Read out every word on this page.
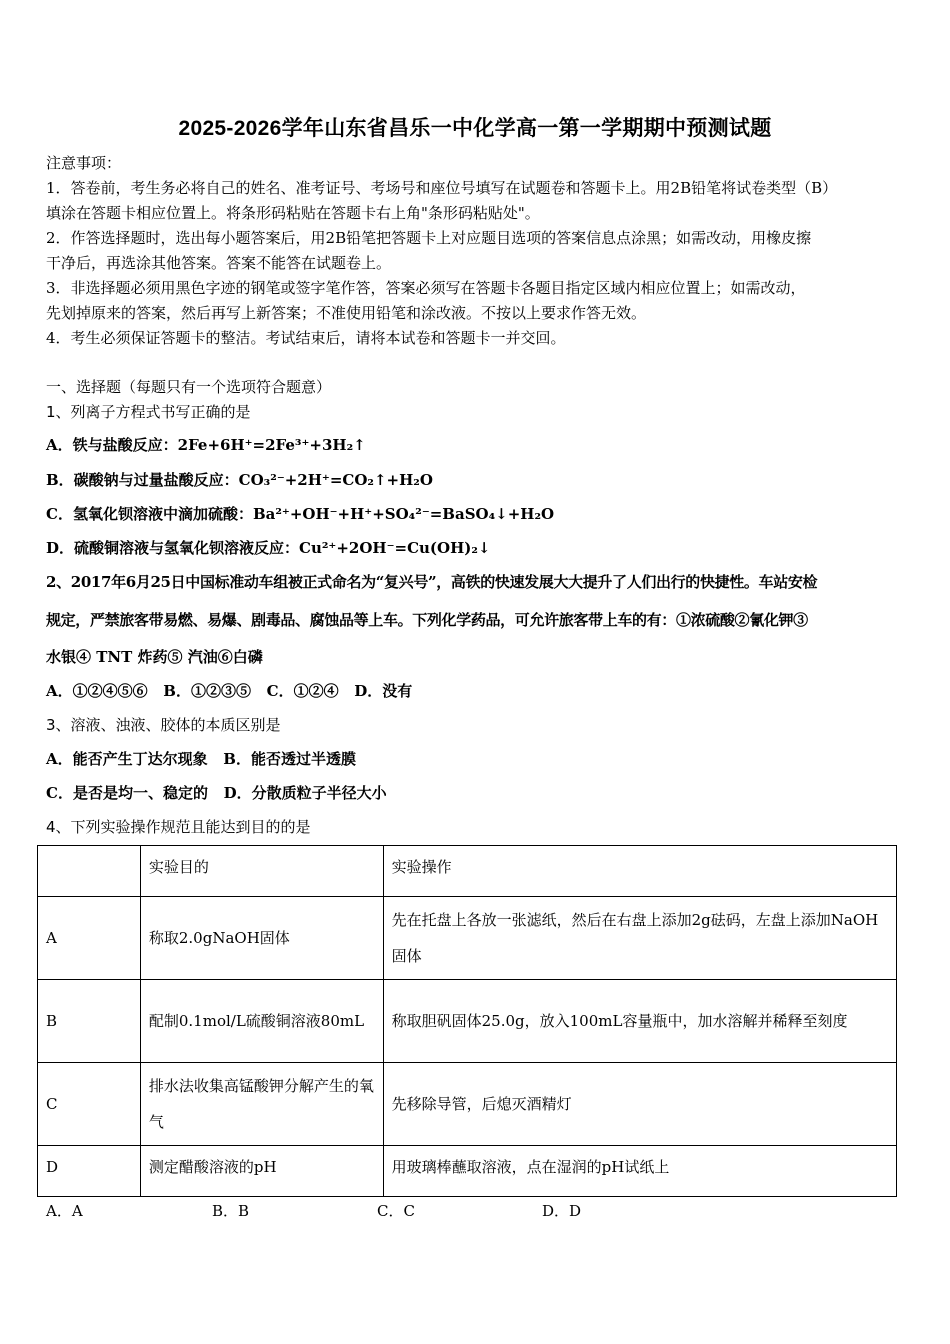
2025-2026学年山东省昌乐一中化学高一第一学期期中预测试题
注意事项：
1．答卷前，考生务必将自己的姓名、准考证号、考场号和座位号填写在试题卷和答题卡上。用2B铅笔将试卷类型（B）
填涂在答题卡相应位置上。将条形码粘贴在答题卡右上角"条形码粘贴处"。
2．作答选择题时，选出每小题答案后，用2B铅笔把答题卡上对应题目选项的答案信息点涂黑；如需改动，用橡皮擦
干净后，再选涂其他答案。答案不能答在试题卷上。
3．非选择题必须用黑色字迹的钢笔或签字笔作答，答案必须写在答题卡各题目指定区域内相应位置上；如需改动，
先划掉原来的答案，然后再写上新答案；不准使用铅笔和涂改液。不按以上要求作答无效。
4．考生必须保证答题卡的整洁。考试结束后，请将本试卷和答题卡一并交回。
一、选择题（每题只有一个选项符合题意）
1、列离子方程式书写正确的是
A．铁与盐酸反应：2Fe+6H⁺=2Fe³⁺+3H₂↑
B．碳酸钠与过量盐酸反应：CO₃²⁻+2H⁺=CO₂↑+H₂O
C．氢氧化钡溶液中滴加硫酸：Ba²⁺+OH⁻+H⁺+SO₄²⁻=BaSO₄↓+H₂O
D．硫酸铜溶液与氢氧化钡溶液反应：Cu²⁺+2OH⁻=Cu(OH)₂↓
2、2017年6月25日中国标准动车组被正式命名为“复兴号”，高铁的快速发展大大提升了人们出行的快捷性。车站安检
规定，严禁旅客带易燃、易爆、剧毒品、腐蚀品等上车。下列化学药品，可允许旅客带上车的有：①浓硫酸②氰化钾③
水银④ TNT 炸药⑤ 汽油⑥白磷
A．①②④⑤⑥   B．①②③⑤   C．①②④   D．没有
3、溶液、浊液、胶体的本质区别是
A．能否产生丁达尔现象   B．能否透过半透膜
C．是否是均一、稳定的   D．分散质粒子半径大小
4、下列实验操作规范且能达到目的的是
	实验目的	实验操作
A	称取2.0gNaOH固体	先在托盘上各放一张滤纸，然后在右盘上添加2g砝码，左盘上添加NaOH固体
B	配制0.1mol/L硫酸铜溶液80mL	称取胆矾固体25.0g，放入100mL容量瓶中，加水溶解并稀释至刻度
C	排水法收集高锰酸钾分解产生的氧气	先移除导管，后熄灭酒精灯
D	测定醋酸溶液的pH	用玻璃棒蘸取溶液，点在湿润的pH试纸上
A．A	B．B	C．C	D．D
